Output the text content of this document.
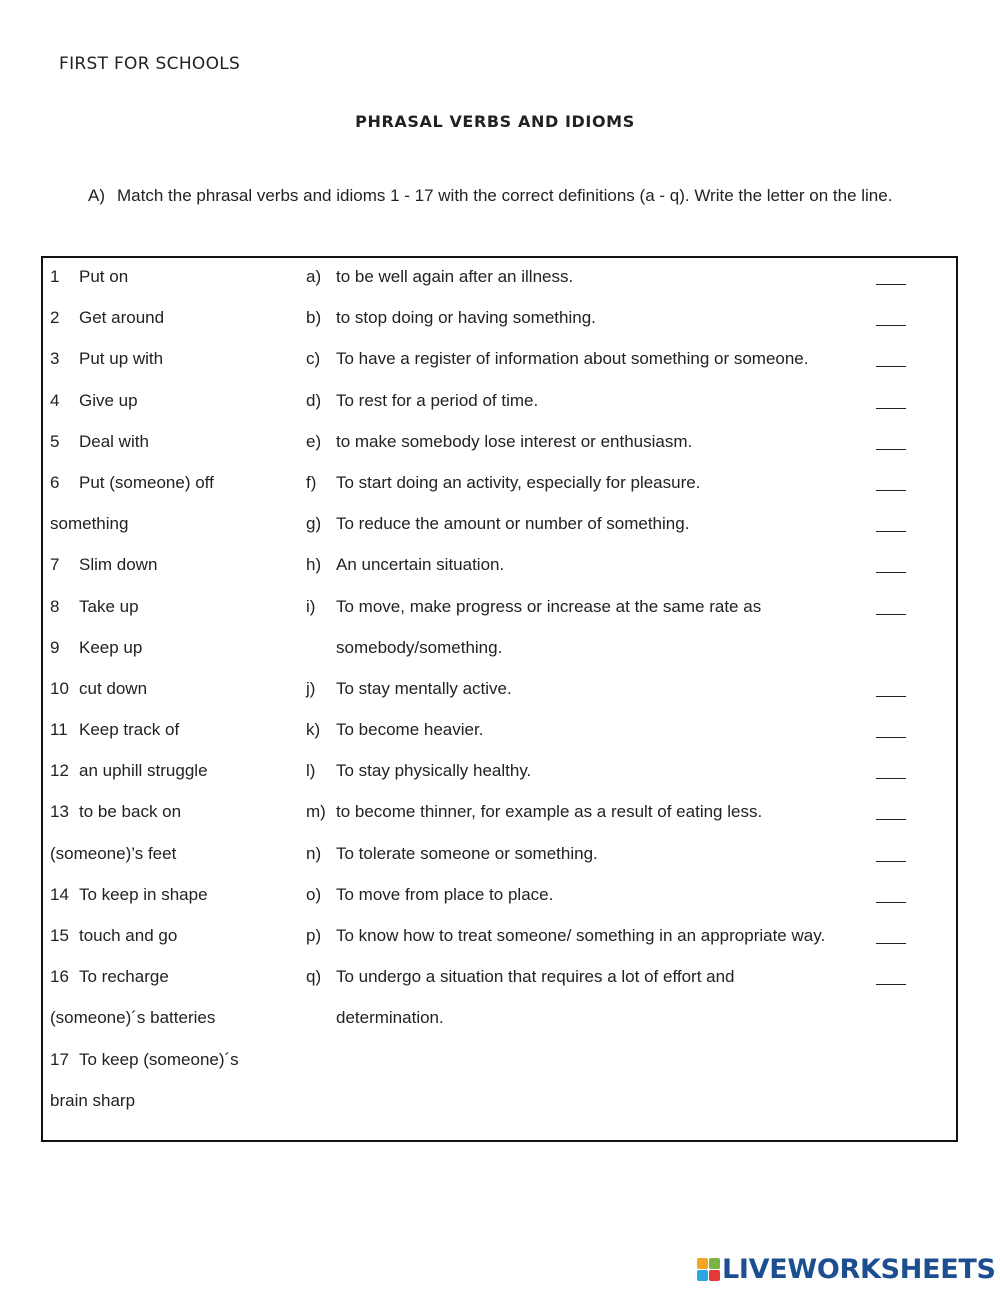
FIRST FOR SCHOOLS
PHRASAL VERBS AND IDIOMS
A) Match the phrasal verbs and idioms 1 - 17 with the correct definitions (a - q). Write the letter on the line.
1 Put on
2 Get around
3 Put up with
4 Give up
5 Deal with
6 Put (someone) off
something
7 Slim down
8 Take up
9 Keep up
10 cut down
11 Keep track of
12 an uphill struggle
13 to be back on
(someone)’s feet
14 To keep in shape
15 touch and go
16 To recharge
(someone)´s batteries
17 To keep (someone)´s
brain sharp
a) to be well again after an illness.
b) to stop doing or having something.
c) To have a register of information about something or someone.
d) To rest for a period of time.
e) to make somebody lose interest or enthusiasm.
f) To start doing an activity, especially for pleasure.
g) To reduce the amount or number of something.
h) An uncertain situation.
i) To move, make progress or increase at the same rate as
somebody/something.
j) To stay mentally active.
k) To become heavier.
l) To stay physically healthy.
m) to become thinner, for example as a result of eating less.
n) To tolerate someone or something.
o) To move from place to place.
p) To know how to treat someone/ something in an appropriate way.
q) To undergo a situation that requires a lot of effort and
determination.
LIVEWORKSHEETS
